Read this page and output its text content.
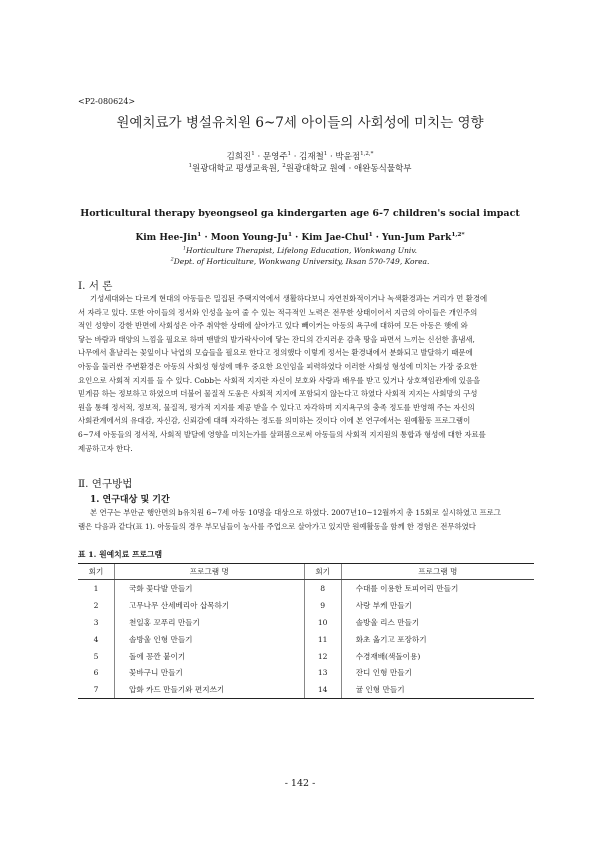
<P2-080624>
원예치료가 병설유치원 6~7세 아이들의 사회성에 미치는 영향
김희진$^1$ · 문영주$^1$ · 김재철$^1$ · 박윤점$^{1,2,*}$
$^1$원광대학교 평생교육원, $^2$원광대학교 원예 · 애완동식물학부
Horticultural therapy byeongseol ga kindergarten age 6-7 children's social impact
Kim Hee-Jin$^1$ · Moon Young-$Ju^1$ · Kim Jae-Chul$^1$ · Yun-Jum Park$^{1,2*}$
$^1$Horticulture Therapist, Lifelong Education, Wonkwang Univ.
$^2$Dept. of Horticulture, Wonkwang University, Iksan 570-749, Korea.
Ⅰ. 서 론
기성세대와는 다르게 현대의 아동들은 밀집된 주택지역에서 생활하다보니 자연친화적이거나 녹색환경과는 거리가 먼 환경에
서 자라고 있다. 또한 아이들의 정서와 인성을 높여 줄 수 있는 적극적인 노력은 전무한 상태이어서 지금의 아이들은 개인주의
적인 성향이 강한 반면에 사회성은 아주 취약한 상태에 살아가고 있다 빼이커는 아동의 욕구에 대하여 모든 아동은 햇에 와
닿는 바람과 태양의 느낌을 필요로 하며 맨발의 발가락사이에 닿는 잔디의 간지러운 감촉 땅을 파면서 느끼는 신선한 흙냄새,
나무에서 흩날리는 꽃잎이나 낙엽의 모습들을 필요로 한다고 정의했다 이렇게 정서는 환경내에서 분화되고 발달하기 때문에
아동을 둘러싼 주변환경은 아동의 사회성 형성에 매우 중요한 요인임을 피력하였다 이러한 사회성 형성에 미치는 가장 중요한
요인으로 사회적 지지를 들 수 있다. Cobb는 사회적 지지란 자신이 보호와 사랑과 배우를 받고 있거나 상호책임관계에 있음을
믿게끔 하는 정보하고 하였으며 더불어 물질적 도움은 사회적 지지에 포함되지 않는다고 하였다 사회적 지지는 사회망의 구성
원을 통해 정서적, 정보적, 물질적, 평가적 지지를 제공 받을 수 있다고 자각하며 지지욕구의 충족 정도를 반영해 주는 자신의
사회관계에서의 유대감, 자신감, 신뢰감에 대해 자각하는 정도를 의미하는 것이다 이에 본 연구에서는 원예활동 프로그램이
6~7세 아동들의 정서적, 사회적 발달에 영향을 미치는가를 살펴봄으로써 아동들의 사회적 지지원의 통합과 형성에 대한 자료를
제공하고자 한다.
Ⅱ. 연구방법
1. 연구대상 및 기간
본 연구는 부안군 행안면의 b유치원 6~7세 아동 10명을 대상으로 하였다. 2007년10~12월까지 총 15회로 실시하였고 프로그
램은 다음과 같다(표 1). 아동들의 경우 부모님들이 농사를 주업으로 살아가고 있지만 원예활동을 함께 한 경험은 전무하였다
표 1. 원예치료 프로그램
회기	프로그램 명	회기	프로그램 명
1	국화 꽃다발 만들기	8	수대를 이용한 토피어리 만들기
2	고무나무 산세베리아 삽목하기	9	사랑 부케 만들기
3	천일홍 꼬푸리 만들기	10	솔방울 리스 만들기
4	솔방울 인형 만들기	11	화초 옮기고 포장하기
5	돌에 꽁깐 붙이기	12	수경재배(색돌이용)
6	꽃바구니 만들기	13	잔디 인형 만들기
7	압화 카드 만들기와 편지쓰기	14	귤 인형 만들기
- 142 -
